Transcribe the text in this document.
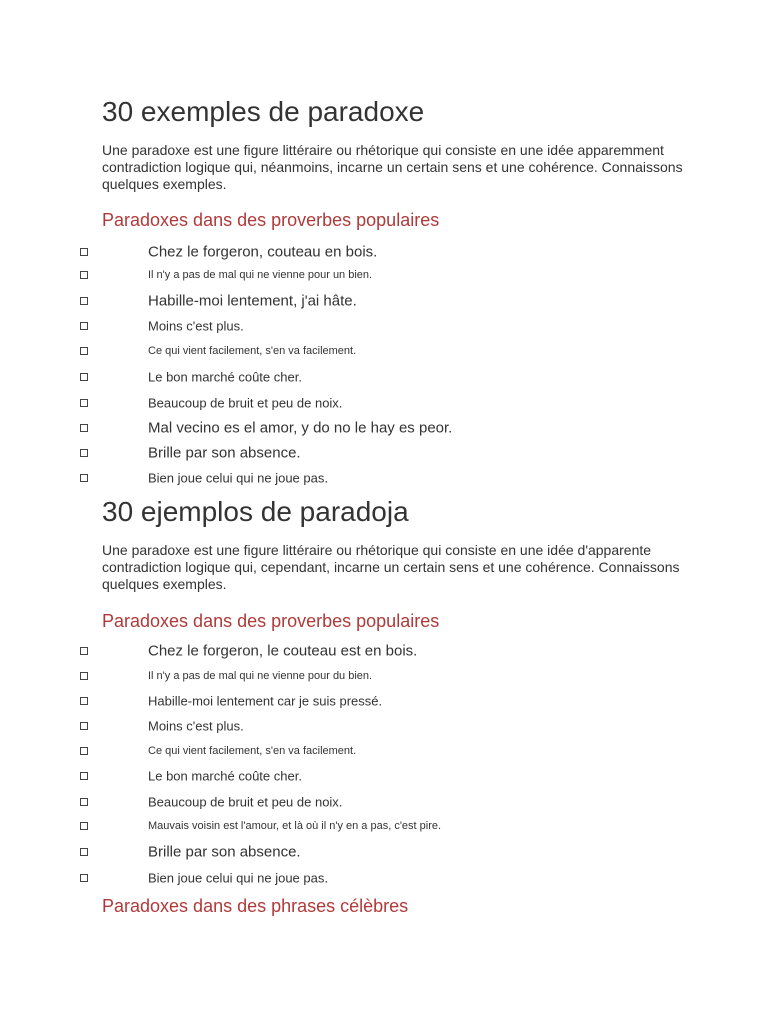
30 exemples de paradoxe

Une paradoxe est une figure littéraire ou rhétorique qui consiste en une idée apparemment contradiction logique qui, néanmoins, incarne un certain sens et une cohérence. Connaissons quelques exemples.

Paradoxes dans des proverbes populaires
Chez le forgeron, couteau en bois.
Il n'y a pas de mal qui ne vienne pour un bien.
Habille-moi lentement, j'ai hâte.
Moins c'est plus.
Ce qui vient facilement, s'en va facilement.
Le bon marché coûte cher.
Beaucoup de bruit et peu de noix.
Mal vecino es el amor, y do no le hay es peor.
Brille par son absence.
Bien joue celui qui ne joue pas.
30 ejemplos de paradoja

Une paradoxe est une figure littéraire ou rhétorique qui consiste en une idée d'apparente contradiction logique qui, cependant, incarne un certain sens et une cohérence. Connaissons quelques exemples.

Paradoxes dans des proverbes populaires
Chez le forgeron, le couteau est en bois.
Il n'y a pas de mal qui ne vienne pour du bien.
Habille-moi lentement car je suis pressé.
Moins c'est plus.
Ce qui vient facilement, s'en va facilement.
Le bon marché coûte cher.
Beaucoup de bruit et peu de noix.
Mauvais voisin est l'amour, et là où il n'y en a pas, c'est pire.
Brille par son absence.
Bien joue celui qui ne joue pas.
Paradoxes dans des phrases célèbres
